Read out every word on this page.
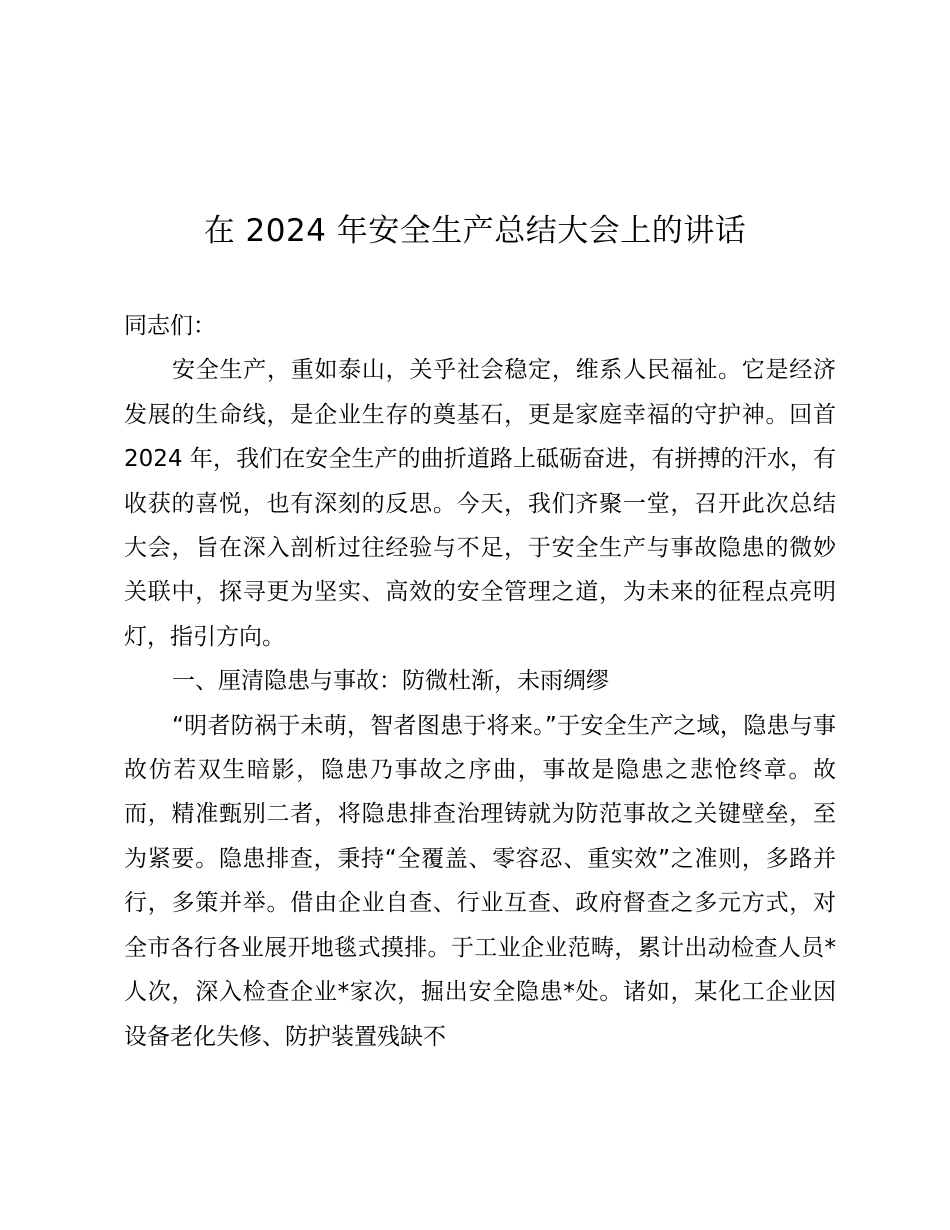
在 2024 年安全生产总结大会上的讲话

同志们：

安全生产，重如泰山，关乎社会稳定，维系人民福祉。它是经济发展的生命线，是企业生存的奠基石，更是家庭幸福的守护神。回首 2024 年，我们在安全生产的曲折道路上砥砺奋进，有拼搏的汗水，有收获的喜悦，也有深刻的反思。今天，我们齐聚一堂，召开此次总结大会，旨在深入剖析过往经验与不足，于安全生产与事故隐患的微妙关联中，探寻更为坚实、高效的安全管理之道，为未来的征程点亮明灯，指引方向。

一、厘清隐患与事故：防微杜渐，未雨绸缪

“明者防祸于未萌，智者图患于将来。”于安全生产之域，隐患与事故仿若双生暗影，隐患乃事故之序曲，事故是隐患之悲怆终章。故而，精准甄别二者，将隐患排查治理铸就为防范事故之关键壁垒，至为紧要。隐患排查，秉持“全覆盖、零容忍、重实效”之准则，多路并行，多策并举。借由企业自查、行业互查、政府督查之多元方式，对全市各行各业展开地毯式摸排。于工业企业范畴，累计出动检查人员*人次，深入检查企业*家次，掘出安全隐患*处。诸如，某化工企业因设备老化失修、防护装置残缺不
